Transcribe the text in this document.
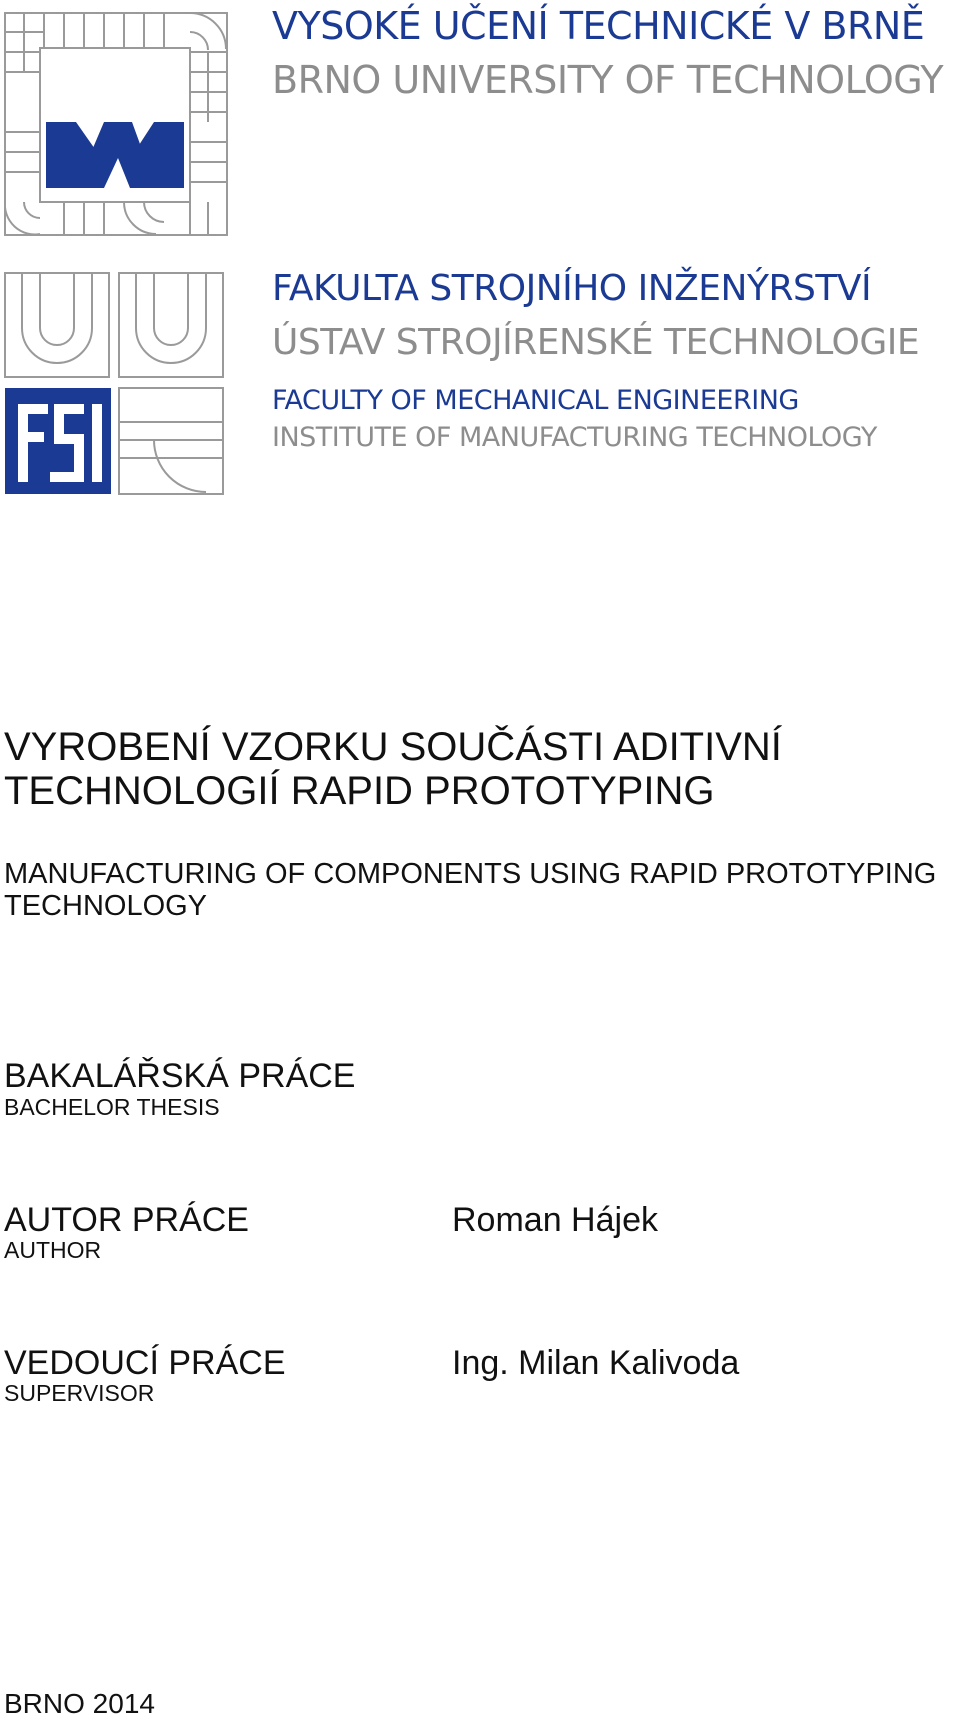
VYSOKÉ UČENÍ TECHNICKÉ V BRNĚ
BRNO UNIVERSITY OF TECHNOLOGY
FAKULTA STROJNÍHO INŽENÝRSTVÍ
ÚSTAV STROJÍRENSKÉ TECHNOLOGIE
FACULTY OF MECHANICAL ENGINEERING
INSTITUTE OF MANUFACTURING TECHNOLOGY
VYROBENÍ VZORKU SOUČÁSTI ADITIVNÍ
TECHNOLOGIÍ RAPID PROTOTYPING
MANUFACTURING OF COMPONENTS USING RAPID PROTOTYPING
TECHNOLOGY
BAKALÁŘSKÁ PRÁCE
BACHELOR THESIS
AUTOR PRÁCE
AUTHOR
Roman Hájek
VEDOUCÍ PRÁCE
SUPERVISOR
Ing. Milan Kalivoda
BRNO 2014
